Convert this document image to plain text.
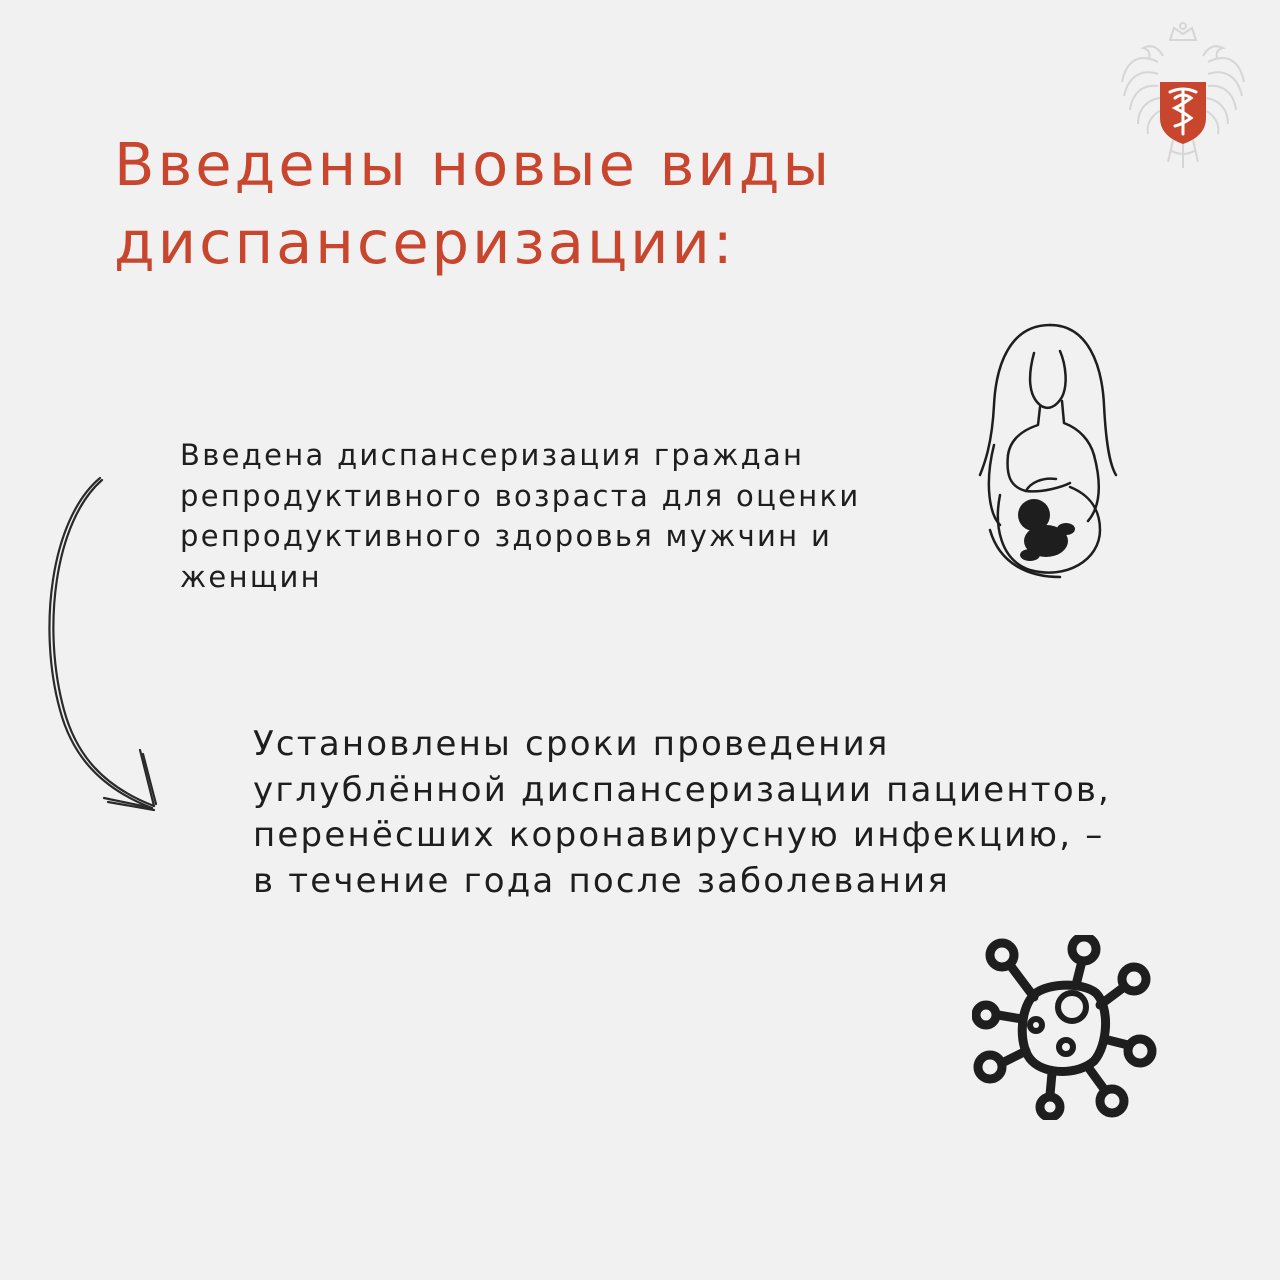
Введены новые виды
диспансеризации:
Введена диспансеризация граждан
репродуктивного возраста для оценки
репродуктивного здоровья мужчин и
женщин
Установлены сроки проведения
углублённой диспансеризации пациентов,
перенёсших коронавирусную инфекцию, –
в течение года после заболевания
